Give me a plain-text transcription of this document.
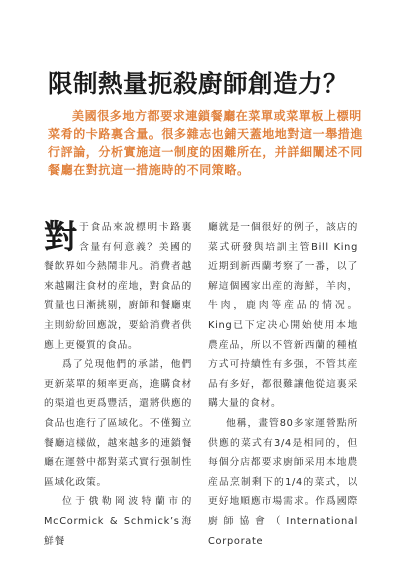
限制熱量扼殺廚師創造力？

美國很多地方都要求連鎖餐廳在菜單或菜單板上標明菜肴的卡路裏含量。很多雜志也鋪天蓋地地對這一舉措進行評論，分析實施這一制度的困難所在，并詳細闡述不同餐廳在對抗這一措施時的不同策略。

對于食品來說標明卡路裏含量有何意義？美國的餐飲界如今熱鬧非凡。消費者越來越關注食材的産地，對食品的質量也日漸挑剔，廚師和餐廳東主則紛紛回應說，要給消費者供應上更優質的食品。

爲了兑現他們的承諾，他們更新菜單的頻率更高，進購食材的渠道也更爲豐活，還將供應的食品也進行了區域化。不僅獨立餐廳這樣做，越來越多的連鎖餐廳在運營中都對菜式實行强制性區域化政策。

位于俄勒岡波特蘭市的McCormick & Schmick’s海鮮餐

廳就是一個很好的例子，該店的菜式研發與培訓主管Bill King近期到新西蘭考察了一番，以了解這個國家出産的海鮮，羊肉，牛肉，鹿肉等産品的情况。King已下定决心開始使用本地農産品，所以不管新西蘭的種植方式可持續性有多强，不管其産品有多好，都很難讓他從這裏采購大量的食材。

他稱，畫管80多家運營點所供應的菜式有3/4是相同的，但每個分店都要求廚師采用本地農産品烹制剩下的1/4的菜式，以更好地順應市場需求。作爲國際廚師協會（International Corporate
